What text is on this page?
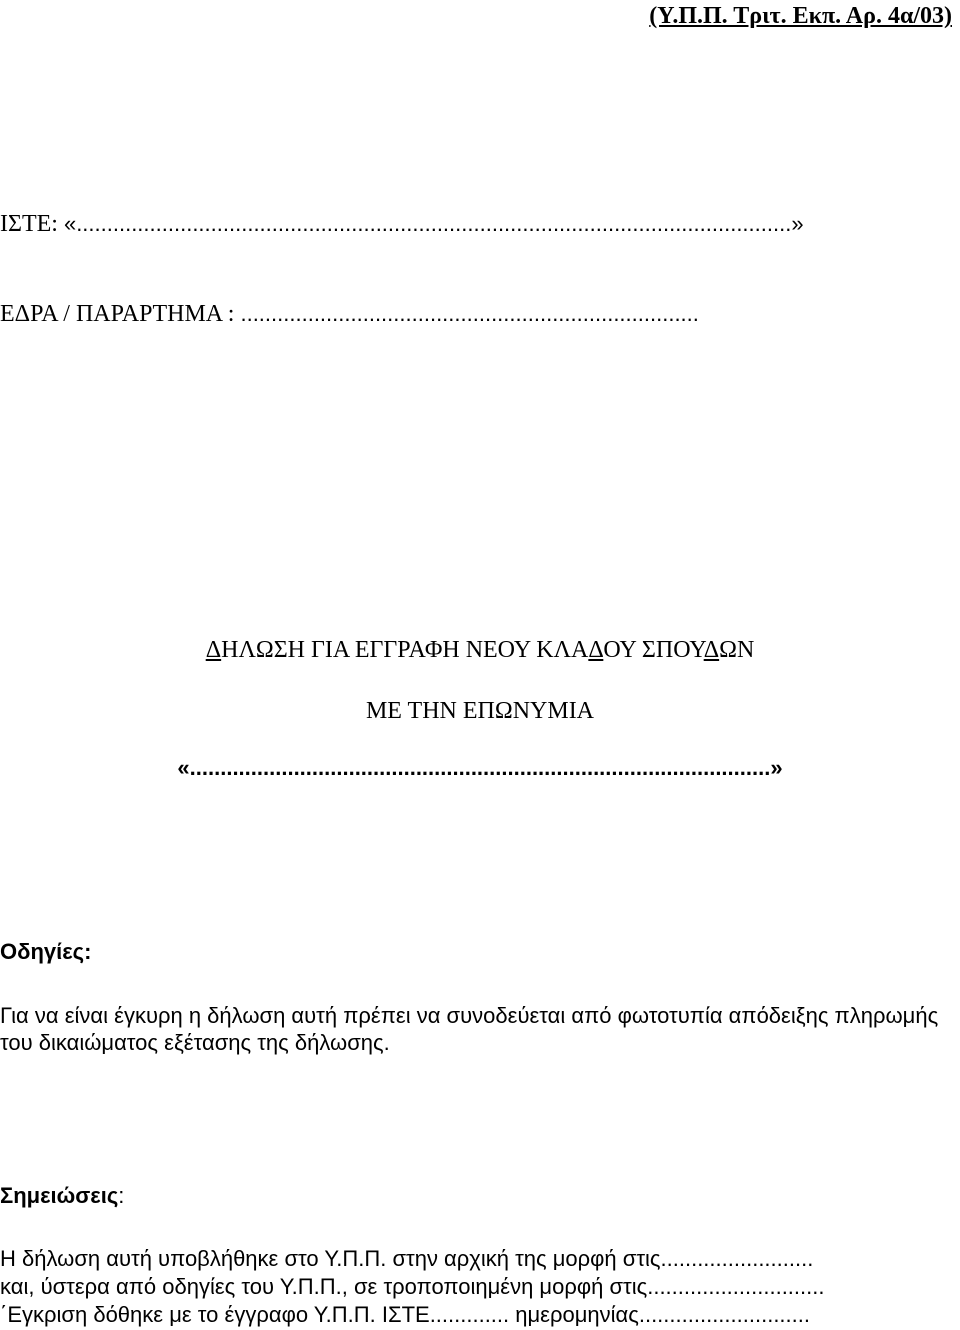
(Υ.Π.Π. Τριτ. Εκπ. Αρ. 4α/03)
ΙΣΤΕ: «.....................................................................................................................»
ΕΔΡΑ / ΠΑΡΑΡΤΗΜΑ : ...........................................................................
ΔΗΛΩΣΗ ΓΙΑ ΕΓΓΡΑΦΗ ΝΕΟΥ ΚΛΑΔΟΥ ΣΠΟΥΔΩΝ
ΜΕ ΤΗΝ ΕΠΩΝΥΜΙΑ
«...............................................................................................»
Οδηγίες:
Για να είναι έγκυρη η δήλωση αυτή πρέπει να συνοδεύεται από φωτοτυπία απόδειξης πληρωμής του δικαιώματος εξέτασης της δήλωσης.
Σημειώσεις:
Η δήλωση αυτή υποβλήθηκε στο Υ.Π.Π. στην αρχική της μορφή στις.........................
και, ύστερα από οδηγίες του Υ.Π.Π., σε τροποποιημένη μορφή στις.............................
΄Εγκριση δόθηκε με το έγγραφο Υ.Π.Π. ΙΣΤΕ............. ημερομηνίας............................
